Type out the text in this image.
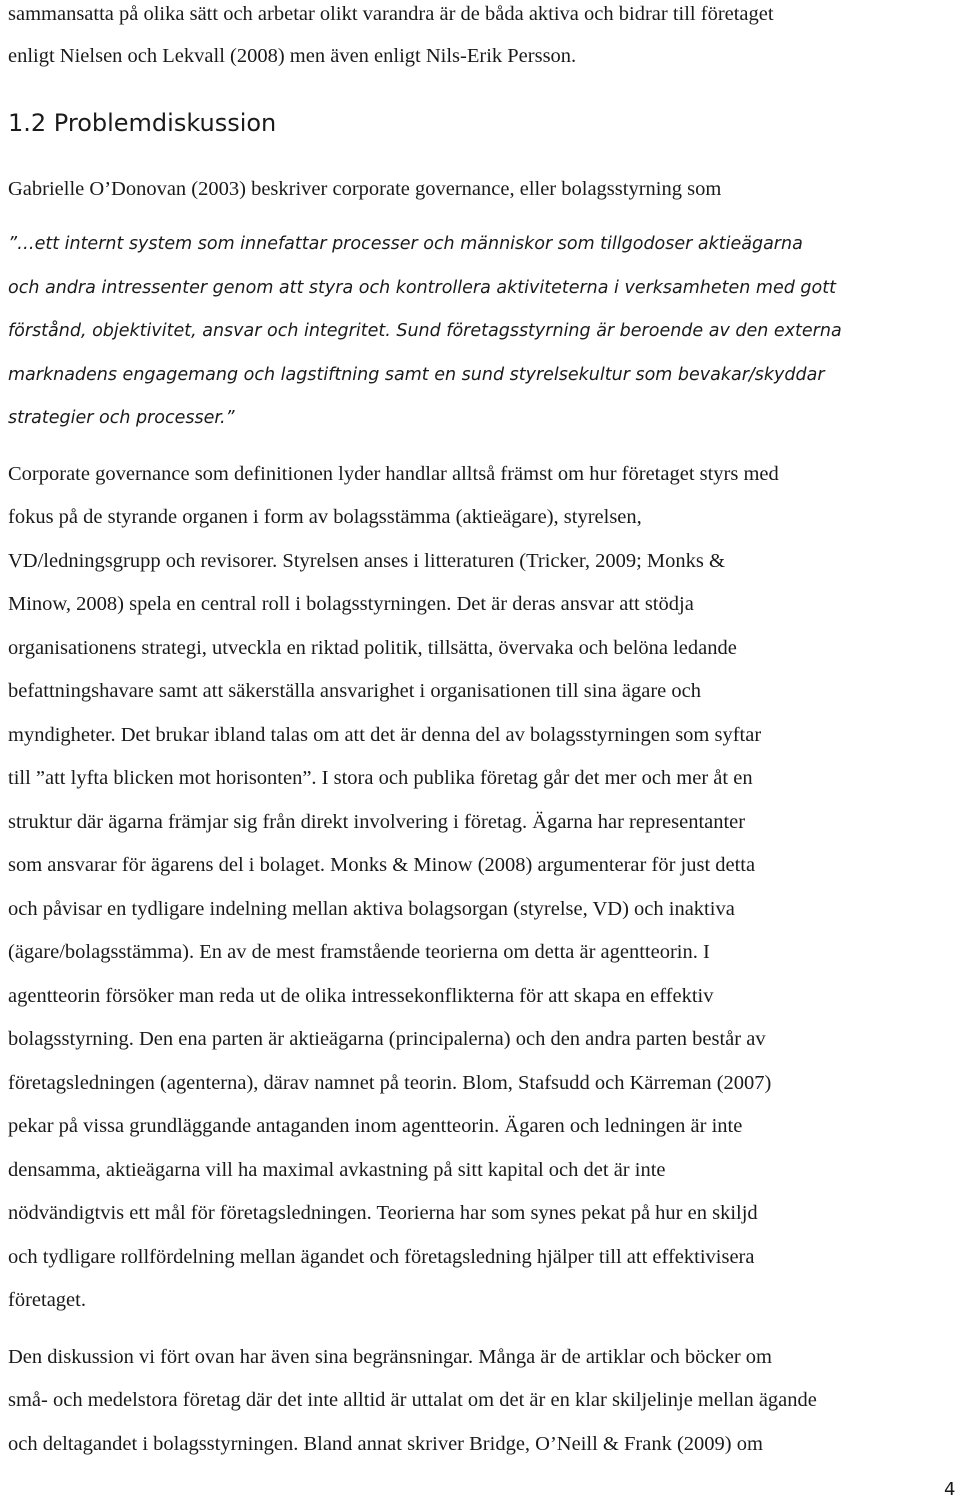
sammansatta på olika sätt och arbetar olikt varandra är de båda aktiva och bidrar till företaget
enligt Nielsen och Lekvall (2008) men även enligt Nils-Erik Persson.
1.2 Problemdiskussion
Gabrielle O’Donovan (2003) beskriver corporate governance, eller bolagsstyrning som
”…ett internt system som innefattar processer och människor som tillgodoser aktieägarna
och andra intressenter genom att styra och kontrollera aktiviteterna i verksamheten med gott
förstånd, objektivitet, ansvar och integritet. Sund företagsstyrning är beroende av den externa
marknadens engagemang och lagstiftning samt en sund styrelsekultur som bevakar/skyddar
strategier och processer.”
Corporate governance som definitionen lyder handlar alltså främst om hur företaget styrs med
fokus på de styrande organen i form av bolagsstämma (aktieägare), styrelsen,
VD/ledningsgrupp och revisorer. Styrelsen anses i litteraturen (Tricker, 2009; Monks &
Minow, 2008) spela en central roll i bolagsstyrningen. Det är deras ansvar att stödja
organisationens strategi, utveckla en riktad politik, tillsätta, övervaka och belöna ledande
befattningshavare samt att säkerställa ansvarighet i organisationen till sina ägare och
myndigheter. Det brukar ibland talas om att det är denna del av bolagsstyrningen som syftar
till ”att lyfta blicken mot horisonten”. I stora och publika företag går det mer och mer åt en
struktur där ägarna främjar sig från direkt involvering i företag. Ägarna har representanter
som ansvarar för ägarens del i bolaget. Monks & Minow (2008) argumenterar för just detta
och påvisar en tydligare indelning mellan aktiva bolagsorgan (styrelse, VD) och inaktiva
(ägare/bolagsstämma). En av de mest framstående teorierna om detta är agentteorin. I
agentteorin försöker man reda ut de olika intressekonflikterna för att skapa en effektiv
bolagsstyrning. Den ena parten är aktieägarna (principalerna) och den andra parten består av
företagsledningen (agenterna), därav namnet på teorin. Blom, Stafsudd och Kärreman (2007)
pekar på vissa grundläggande antaganden inom agentteorin. Ägaren och ledningen är inte
densamma, aktieägarna vill ha maximal avkastning på sitt kapital och det är inte
nödvändigtvis ett mål för företagsledningen. Teorierna har som synes pekat på hur en skiljd
och tydligare rollfördelning mellan ägandet och företagsledning hjälper till att effektivisera
företaget.
Den diskussion vi fört ovan har även sina begränsningar. Många är de artiklar och böcker om
små- och medelstora företag där det inte alltid är uttalat om det är en klar skiljelinje mellan ägande
och deltagandet i bolagsstyrningen. Bland annat skriver Bridge, O’Neill & Frank (2009) om
4
